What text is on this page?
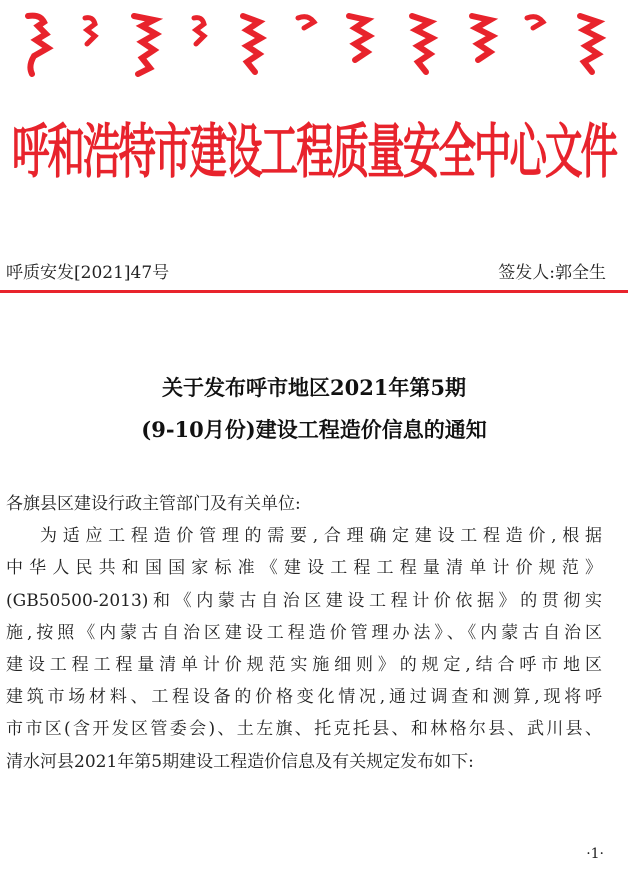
呼和浩特市建设工程质量安全中心文件
呼质安发[2021]47号	签发人:郭全生
关于发布呼市地区2021年第5期
(9-10月份)建设工程造价信息的通知
各旗县区建设行政主管部门及有关单位:
为适应工程造价管理的需要,合理确定建设工程造价,根据
中华人民共和国国家标准《建设工程工程量清单计价规范》
(GB50500-2013)和《内蒙古自治区建设工程计价依据》的贯彻实
施,按照《内蒙古自治区建设工程造价管理办法》、《内蒙古自治区
建设工程工程量清单计价规范实施细则》的规定,结合呼市地区
建筑市场材料、工程设备的价格变化情况,通过调查和测算,现将呼
市市区(含开发区管委会)、土左旗、托克托县、和林格尔县、武川县、
清水河县2021年第5期建设工程造价信息及有关规定发布如下:
·1·
